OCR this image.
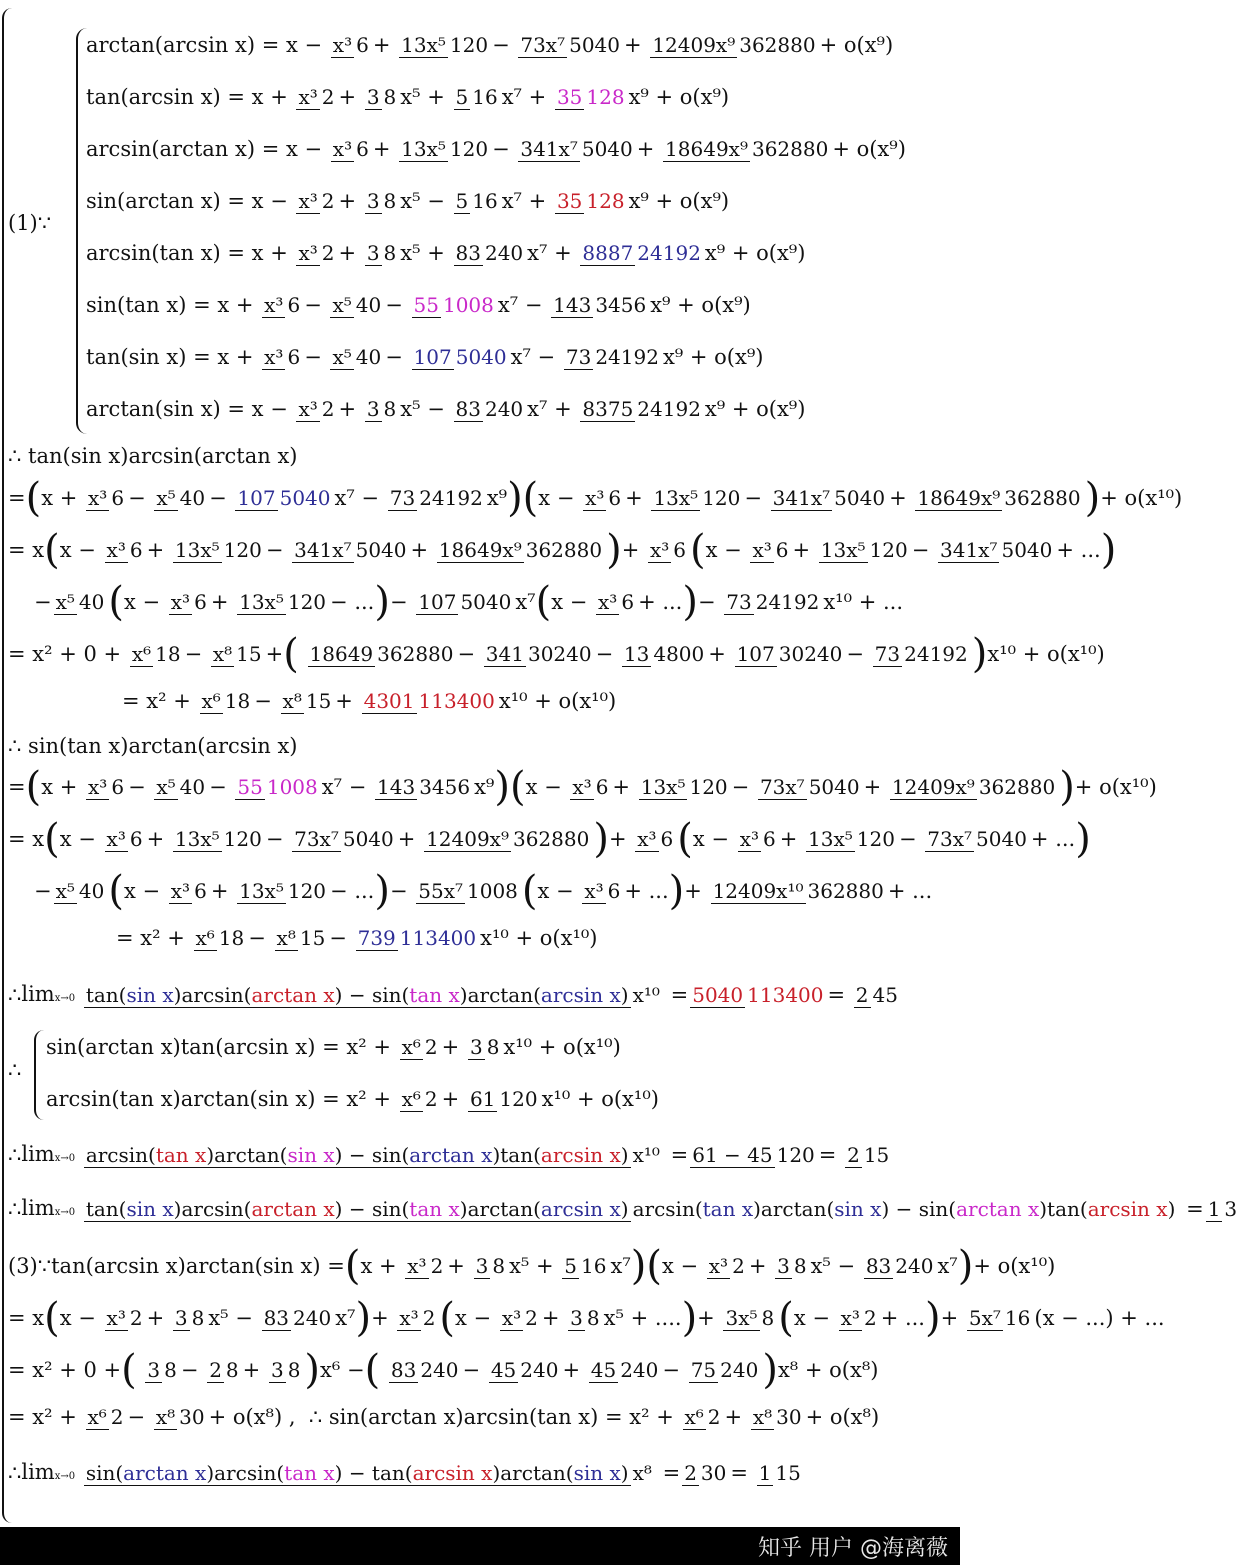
(1)∵
arctan(arcsin x) = x − x³ 6 + 13x⁵ 120 − 73x⁷ 5040 + 12409x⁹ 362880 + o(x⁹)
tan(arcsin x) = x + x³ 2 + 3 8 x⁵ + 5 16 x⁷ + 35 128 x⁹ + o(x⁹)
arcsin(arctan x) = x − x³ 6 + 13x⁵ 120 − 341x⁷ 5040 + 18649x⁹ 362880 + o(x⁹)
sin(arctan x) = x − x³ 2 + 3 8 x⁵ − 5 16 x⁷ + 35 128 x⁹ + o(x⁹)
arcsin(tan x) = x + x³ 2 + 3 8 x⁵ + 83 240 x⁷ + 8887 24192 x⁹ + o(x⁹)
sin(tan x) = x + x³ 6 − x⁵ 40 − 55 1008 x⁷ − 143 3456 x⁹ + o(x⁹)
tan(sin x) = x + x³ 6 − x⁵ 40 − 107 5040 x⁷ − 73 24192 x⁹ + o(x⁹)
arctan(sin x) = x − x³ 2 + 3 8 x⁵ − 83 240 x⁷ + 8375 24192 x⁹ + o(x⁹)
∴ tan(sin x)arcsin(arctan x)
=(x + x³ 6 − x⁵ 40 − 107 5040 x⁷ − 73 24192 x⁹)(x − x³ 6 + 13x⁵ 120 − 341x⁷ 5040 + 18649x⁹ 362880 )+ o(x¹⁰)
= x(x − x³ 6 + 13x⁵ 120 − 341x⁷ 5040 + 18649x⁹ 362880 )+ x³ 6 (x − x³ 6 + 13x⁵ 120 − 341x⁷ 5040 + ...)
− x⁵ 40 (x − x³ 6 + 13x⁵ 120 − ...)− 107 5040 x⁷(x − x³ 6 + ...)− 73 24192 x¹⁰ + ...
= x² + 0 + x⁶ 18 − x⁸ 15 +( 18649 362880 − 341 30240 − 13 4800 + 107 30240 − 73 24192 )x¹⁰ + o(x¹⁰)
= x² + x⁶ 18 − x⁸ 15 + 4301 113400 x¹⁰ + o(x¹⁰)
∴ sin(tan x)arctan(arcsin x)
=(x + x³ 6 − x⁵ 40 − 55 1008 x⁷ − 143 3456 x⁹)(x − x³ 6 + 13x⁵ 120 − 73x⁷ 5040 + 12409x⁹ 362880 )+ o(x¹⁰)
= x(x − x³ 6 + 13x⁵ 120 − 73x⁷ 5040 + 12409x⁹ 362880 )+ x³ 6 (x − x³ 6 + 13x⁵ 120 − 73x⁷ 5040 + ...)
− x⁵ 40 (x − x³ 6 + 13x⁵ 120 − ...)− 55x⁷ 1008 (x − x³ 6 + ...)+ 12409x¹⁰ 362880 + ...
= x² + x⁶ 18 − x⁸ 15 − 739 113400 x¹⁰ + o(x¹⁰)
∴limx→0 tan(sin x)arcsin(arctan x) − sin(tan x)arctan(arcsin x) x¹⁰ = 5040 113400 = 2 45
∴
sin(arctan x)tan(arcsin x) = x² + x⁶ 2 + 3 8 x¹⁰ + o(x¹⁰)
arcsin(tan x)arctan(sin x) = x² + x⁶ 2 + 61 120 x¹⁰ + o(x¹⁰)
∴limx→0 arcsin(tan x)arctan(sin x) − sin(arctan x)tan(arcsin x) x¹⁰ = 61 − 45 120 = 2 15
∴limx→0 tan(sin x)arcsin(arctan x) − sin(tan x)arctan(arcsin x) arcsin(tan x)arctan(sin x) − sin(arctan x)tan(arcsin x) = 1 3
(3)∵tan(arcsin x)arctan(sin x) =(x + x³ 2 + 3 8 x⁵ + 5 16 x⁷)(x − x³ 2 + 3 8 x⁵ − 83 240 x⁷)+ o(x¹⁰)
= x(x − x³ 2 + 3 8 x⁵ − 83 240 x⁷)+ x³ 2 (x − x³ 2 + 3 8 x⁵ + ....)+ 3x⁵ 8 (x − x³ 2 + ...)+ 5x⁷ 16 (x − ...) + ...
= x² + 0 +( 3 8 − 2 8 + 3 8 )x⁶ −( 83 240 − 45 240 + 45 240 − 75 240 )x⁸ + o(x⁸)
= x² + x⁶ 2 − x⁸ 30 + o(x⁸) ,  ∴ sin(arctan x)arcsin(tan x) = x² + x⁶ 2 + x⁸ 30 + o(x⁸)
∴limx→0 sin(arctan x)arcsin(tan x) − tan(arcsin x)arctan(sin x) x⁸ = 2 30 = 1 15
知乎 用户 @海离薇
